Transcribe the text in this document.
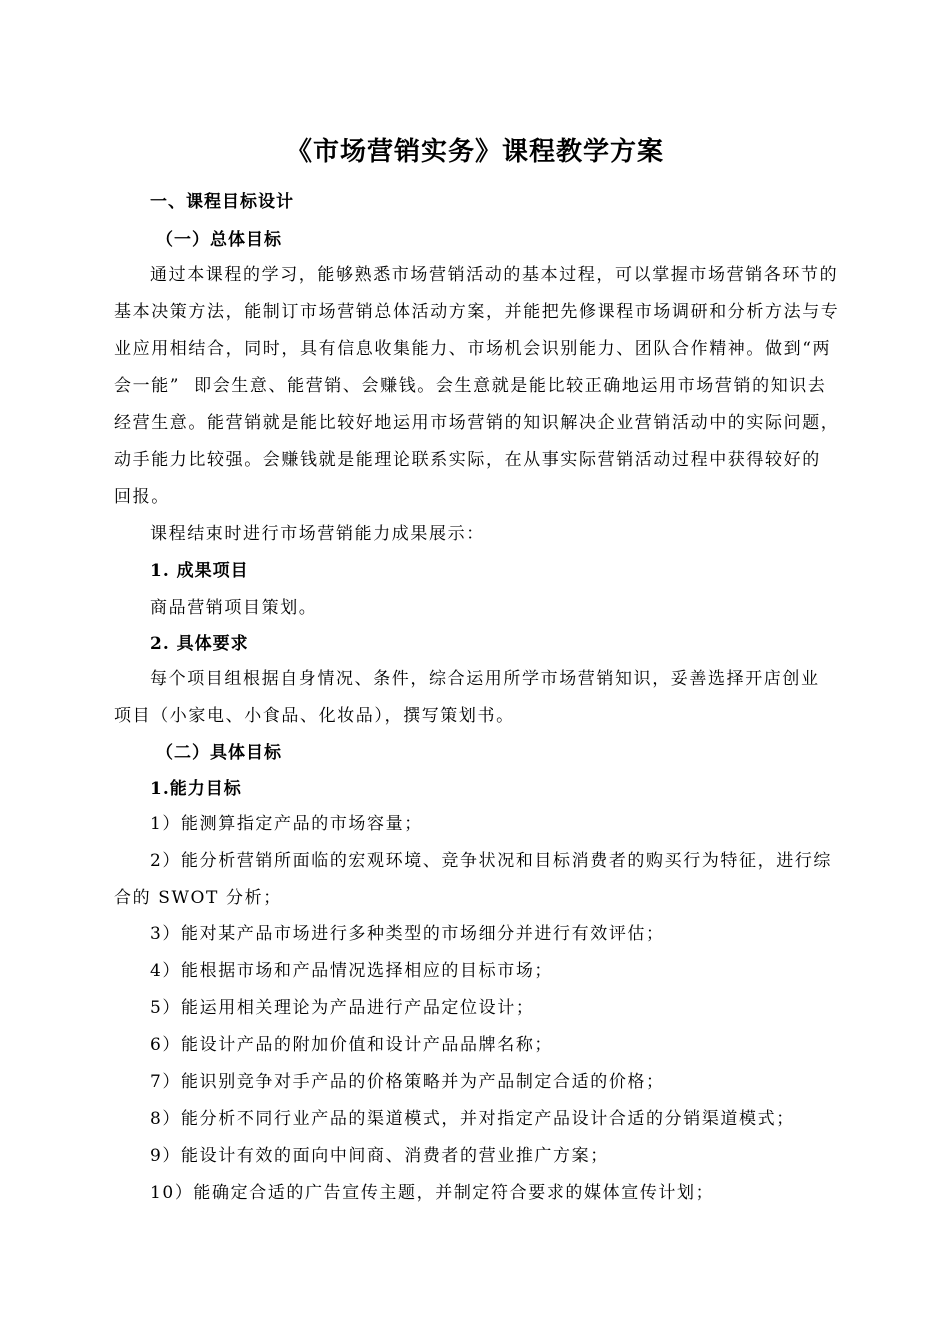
《市场营销实务》课程教学方案
一、课程目标设计
（一）总体目标
通过本课程的学习，能够熟悉市场营销活动的基本过程，可以掌握市场营销各环节的
基本决策方法，能制订市场营销总体活动方案，并能把先修课程市场调研和分析方法与专
业应用相结合，同时，具有信息收集能力、市场机会识别能力、团队合作精神。做到“两
会一能”  即会生意、能营销、会赚钱。会生意就是能比较正确地运用市场营销的知识去
经营生意。能营销就是能比较好地运用市场营销的知识解决企业营销活动中的实际问题，
动手能力比较强。会赚钱就是能理论联系实际，在从事实际营销活动过程中获得较好的
回报。
课程结束时进行市场营销能力成果展示：
1. 成果项目
商品营销项目策划。
2. 具体要求
每个项目组根据自身情况、条件，综合运用所学市场营销知识，妥善选择开店创业
项目（小家电、小食品、化妆品），撰写策划书。
（二）具体目标
1.能力目标
1）能测算指定产品的市场容量；
2）能分析营销所面临的宏观环境、竞争状况和目标消费者的购买行为特征，进行综
合的 SWOT 分析；
3）能对某产品市场进行多种类型的市场细分并进行有效评估；
4）能根据市场和产品情况选择相应的目标市场；
5）能运用相关理论为产品进行产品定位设计；
6）能设计产品的附加价值和设计产品品牌名称；
7）能识别竞争对手产品的价格策略并为产品制定合适的价格；
8）能分析不同行业产品的渠道模式，并对指定产品设计合适的分销渠道模式；
9）能设计有效的面向中间商、消费者的营业推广方案；
10）能确定合适的广告宣传主题，并制定符合要求的媒体宣传计划；
